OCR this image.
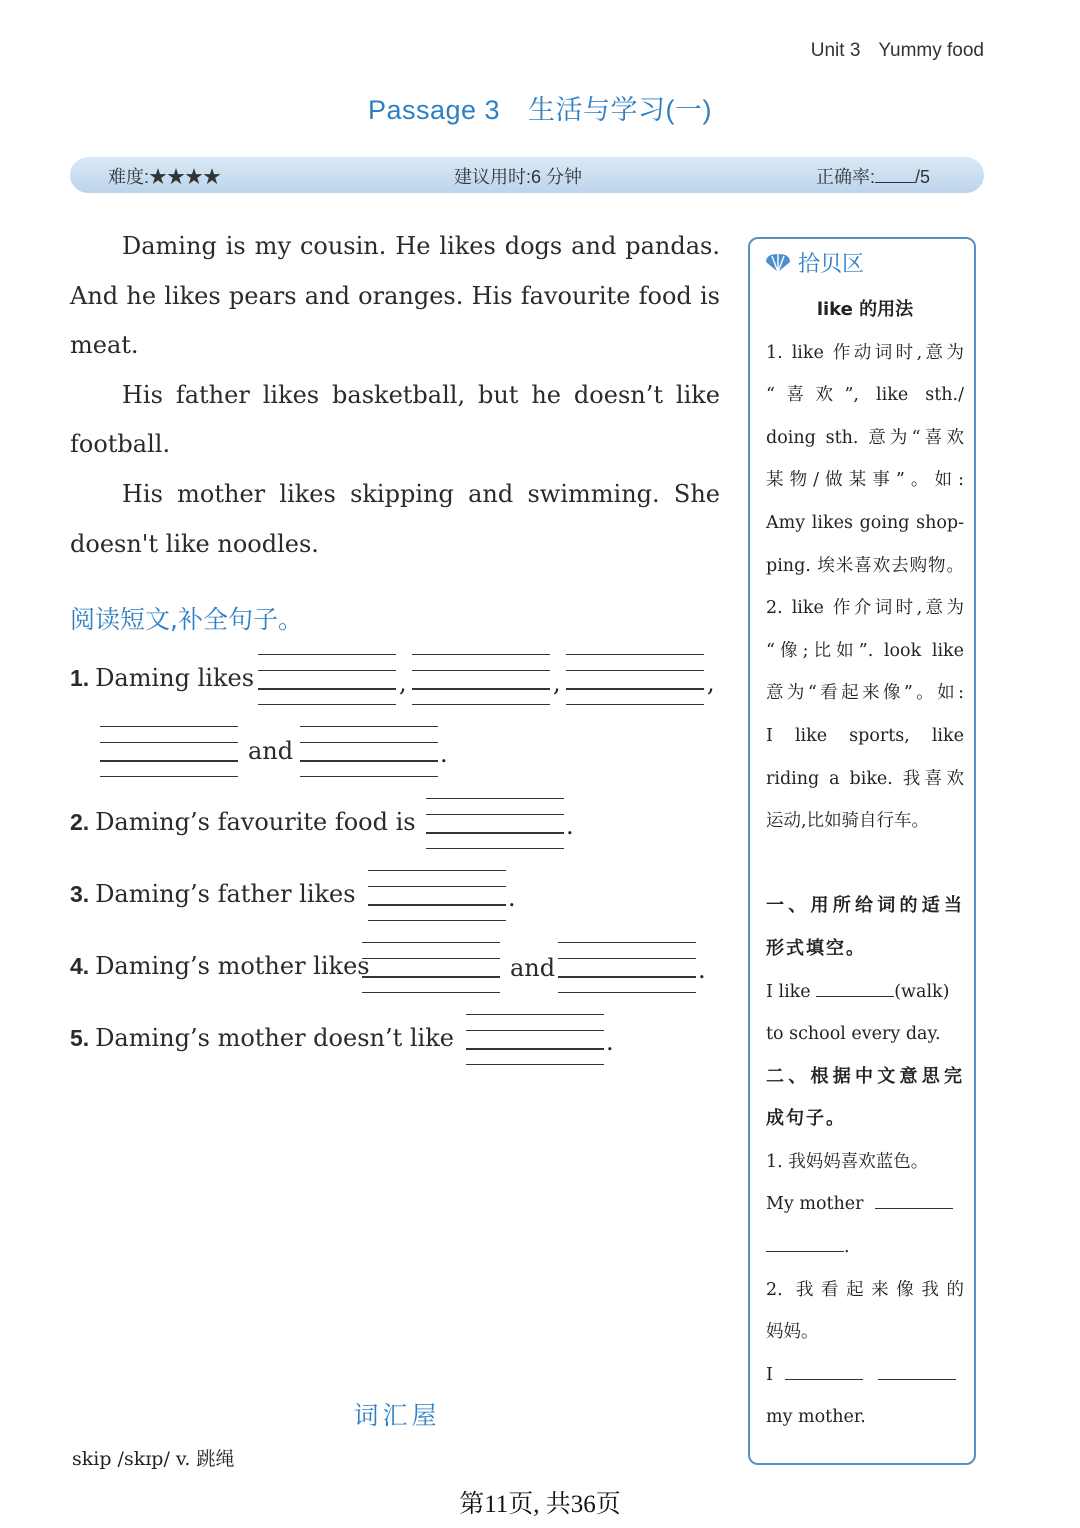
Unit 3 Yummy food
Passage 3 生活与学习(一)
难度:★★★★	建议用时:6 分钟	正确率: /5

Daming is my cousin. He likes dogs and pandas. And he likes pears and oranges. His favourite food is meat.

His father likes basketball, but he doesn’t like football.

His mother likes skipping and swimming. She doesn't like noodles.

阅读短文,补全句子。
1. Daming likes	,	,	,
and	.
2. Daming’s favourite food is	.
3. Daming’s father likes	.
4. Daming’s mother likes	and	.
5. Daming’s mother doesn’t like	.
词汇屋
skip /skɪp/ v. 跳绳
拾贝区
like 的用法
1. like 作动词时,意为
“喜欢”, like sth./
doing sth. 意为“喜欢
某物/做某事”。如:
Amy likes going shop-
ping. 埃米喜欢去购物。
2. like 作介词时,意为
“像;比如”. look like
意为“看起来像”。如:
I like sports, like
riding a bike. 我喜欢
运动,比如骑自行车。
一、用所给词的适当
形式填空。
I like	(walk)
to school every day.
二、根据中文意思完
成句子。
1. 我妈妈喜欢蓝色。
My mother
.
2. 我看起来像我的
妈妈。
I
my mother.
第11页, 共36页
